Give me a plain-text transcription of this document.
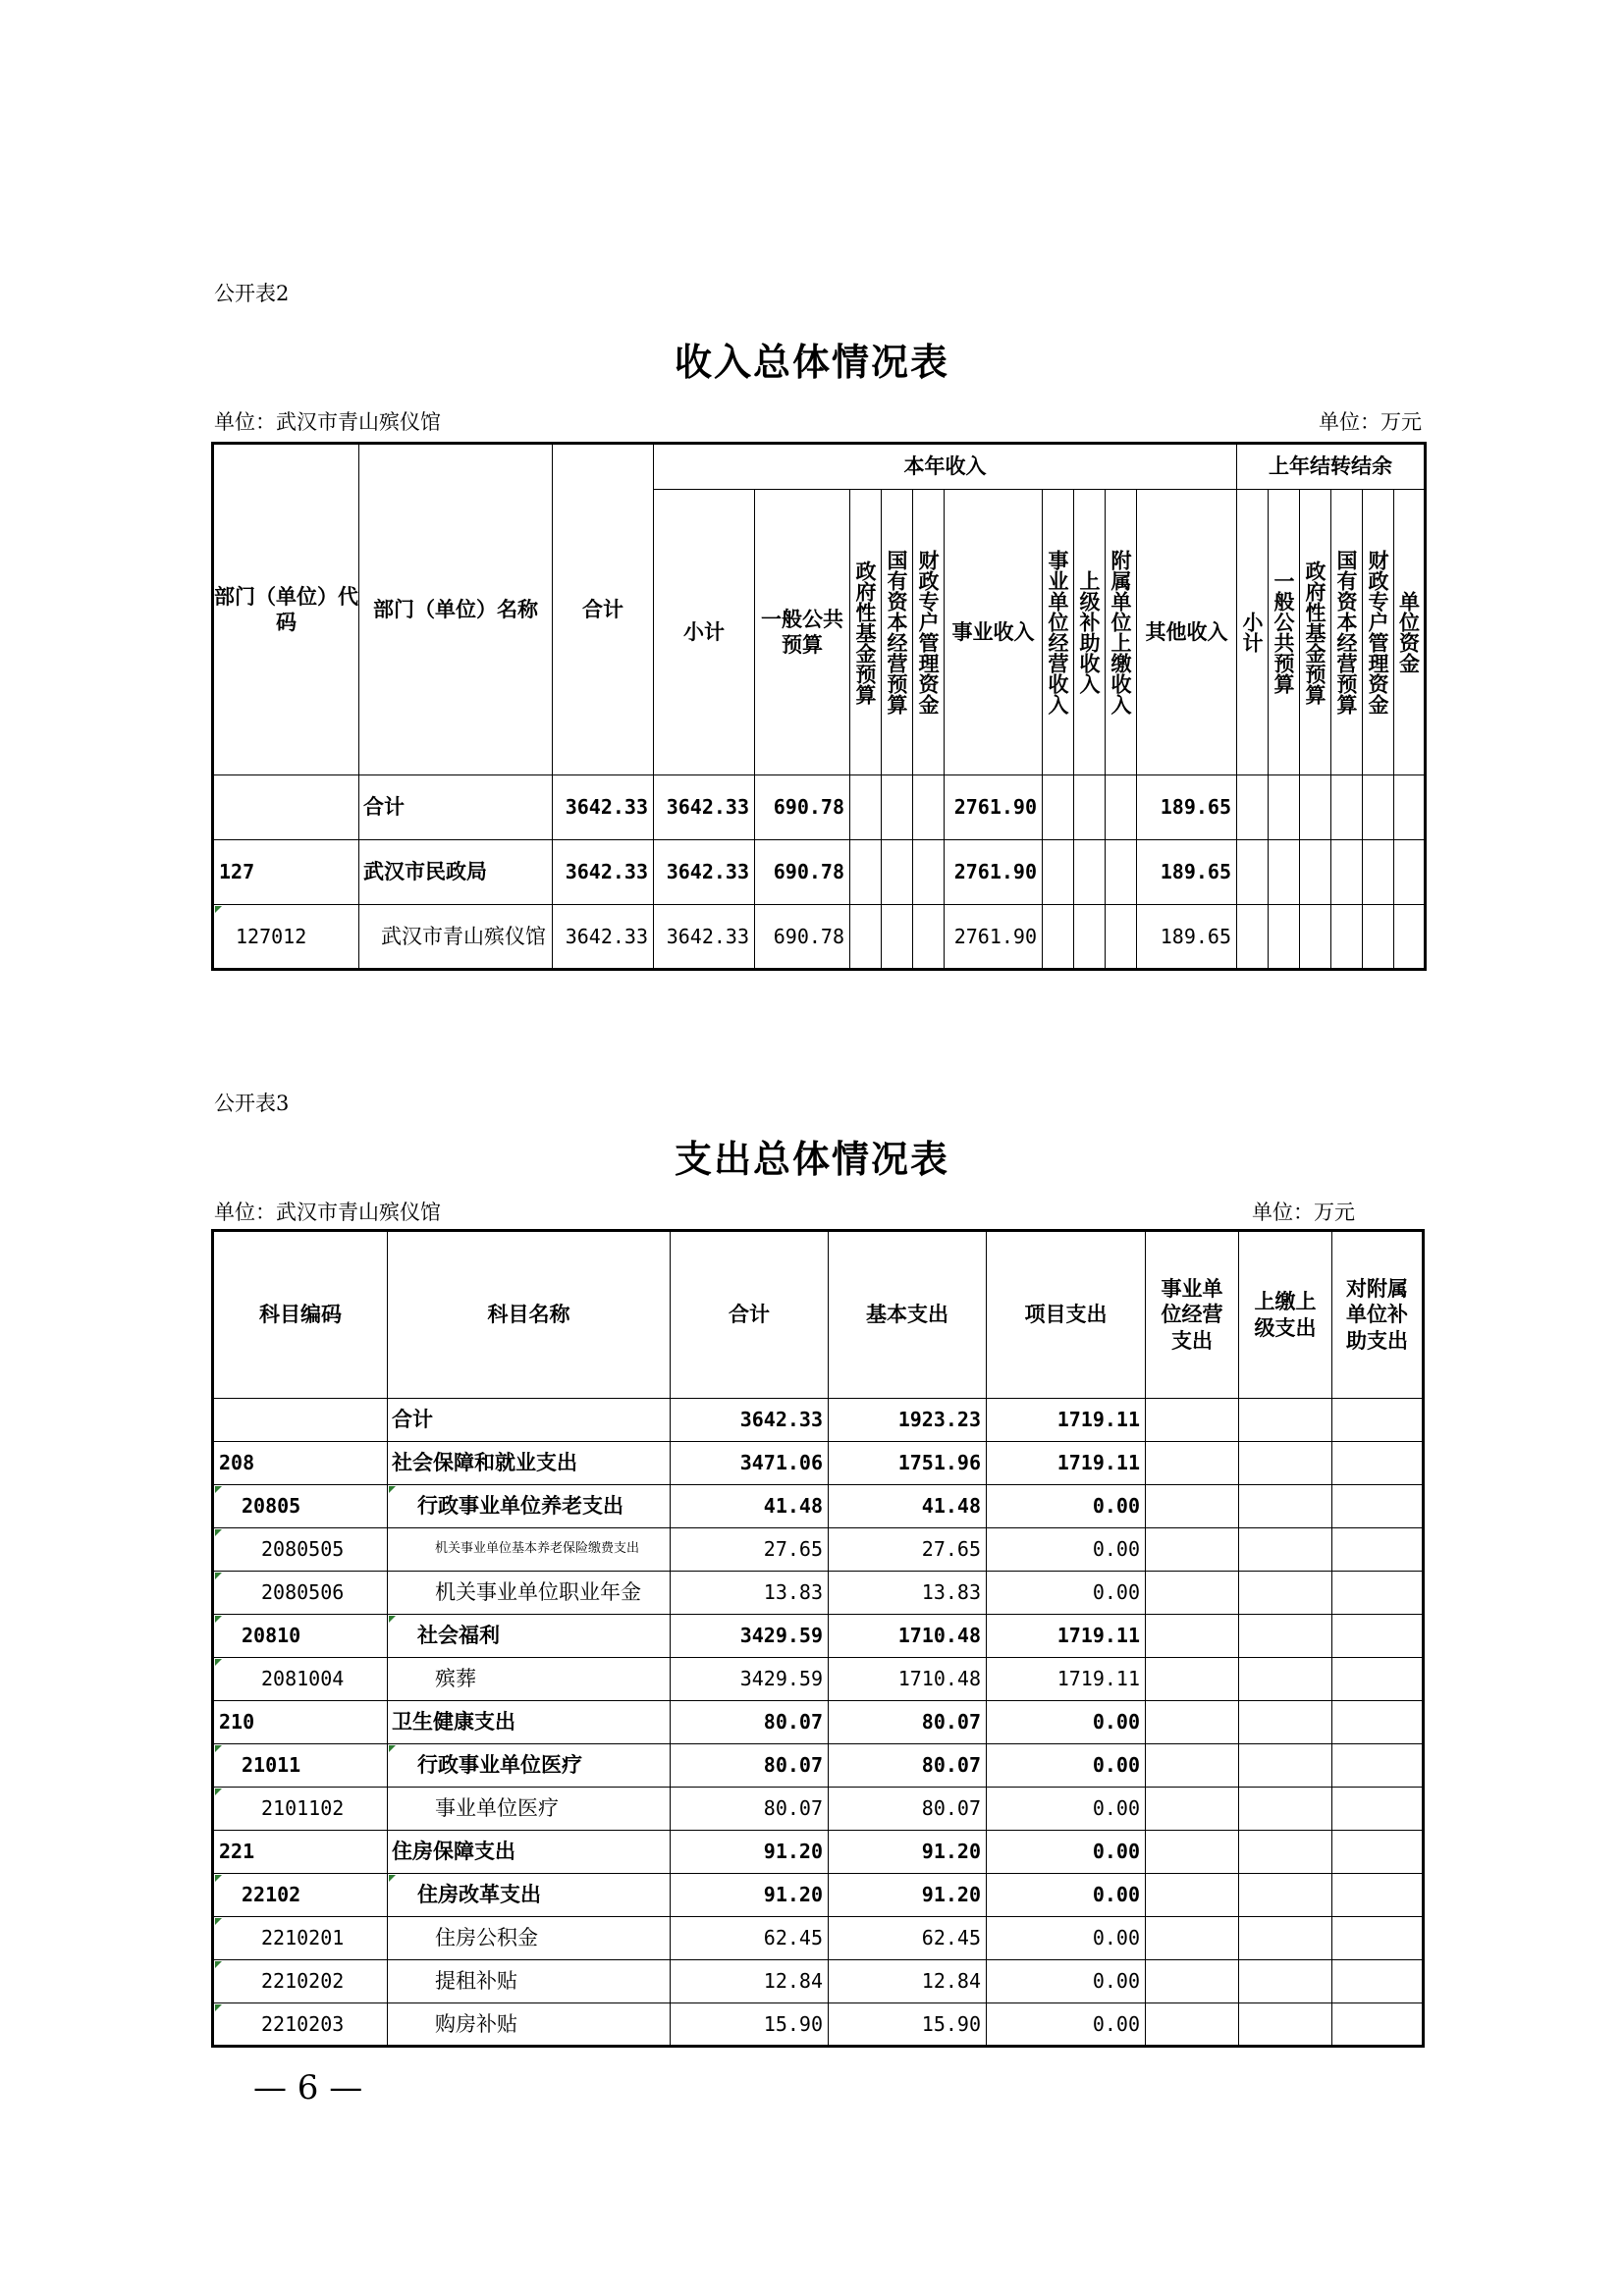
公开表2
收入总体情况表
单位：武汉市青山殡仪馆	单位：万元
部门（单位）代码	部门（单位）名称	合计	本年收入										上年结转结余					
			小计	一般公共预算	政府性基金预算	国有资本经营预算	财政专户管理资金	事业收入	事业单位经营收入	上级补助收入	附属单位上缴收入	其他收入	小计	一般公共预算	政府性基金预算	国有资本经营预算	财政专户管理资金	单位资金

	合计	3642.33	3642.33	690.78				2761.90				189.65						
127	武汉市民政局	3642.33	3642.33	690.78				2761.90				189.65						
127012	武汉市青山殡仪馆	3642.33	3642.33	690.78				2761.90				189.65						
公开表3
支出总体情况表
单位：武汉市青山殡仪馆	单位：万元
科目编码	科目名称	合计	基本支出	项目支出	事业单位经营支出	上缴上级支出	对附属单位补助支出
	合计	3642.33	1923.23	1719.11			
208	社会保障和就业支出	3471.06	1751.96	1719.11			
20805	行政事业单位养老支出	41.48	41.48	0.00			
2080505	机关事业单位基本养老保险缴费支出	27.65	27.65	0.00			
2080506	机关事业单位职业年金	13.83	13.83	0.00			
20810	社会福利	3429.59	1710.48	1719.11			
2081004	殡葬	3429.59	1710.48	1719.11			
210	卫生健康支出	80.07	80.07	0.00			
21011	行政事业单位医疗	80.07	80.07	0.00			
2101102	事业单位医疗	80.07	80.07	0.00			
221	住房保障支出	91.20	91.20	0.00			
22102	住房改革支出	91.20	91.20	0.00			
2210201	住房公积金	62.45	62.45	0.00			
2210202	提租补贴	12.84	12.84	0.00			
2210203	购房补贴	15.90	15.90	0.00			
— 6 —
